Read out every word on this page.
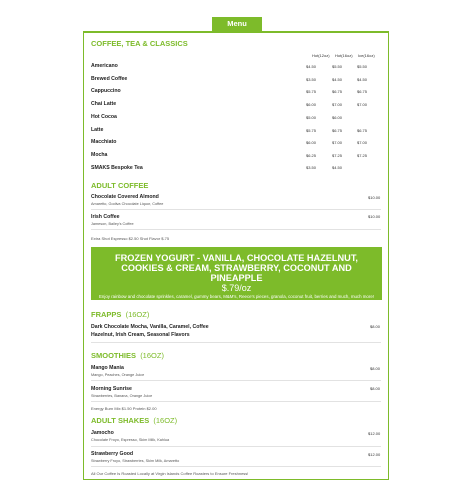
Menu
COFFEE, TEA & CLASSICS
Hot(12oz) Hot(16oz) Ice(16oz)
Americano	$4.50	$5.50	$5.50
Brewed Coffee	$3.50	$4.50	$4.50
Cappuccino	$5.75	$6.75	$6.75
Chai Latte	$6.00	$7.00	$7.00
Hot Cocoa	$5.00	$6.00
Latte	$5.75	$6.75	$6.75
Macchiato	$6.00	$7.00	$7.00
Mocha	$6.25	$7.25	$7.25
SMAKS Bespoke Tea	$3.50	$4.50
ADULT COFFEE
Chocolate Covered Almond
Amaretto, Godiva Chocolate Liquor, Coffee
$10.00
Irish Coffee
Jameson, Bailey's Coffee
$10.00
Extra Shot Espresso $2.50 Shot Flavor $.75
FROZEN YOGURT - VANILLA, CHOCOLATE HAZELNUT, COOKIES & CREAM, STRAWBERRY, COCONUT AND PINEAPPLE
$.79/oz
Enjoy rainbow and chocolate sprinkles, caramel, gummy bears, M&M's, Reece's pieces, granola, coconut fruit, berries and much, much more!
FRAPPS (16OZ)
Dark Chocolate Mocha, Vanilla, Caramel, Coffee
Hazelnut, Irish Cream, Seasonal Flavors
$8.00
SMOOTHIES (16OZ)
Mango Mania
Mango, Peaches, Orange Juice
$8.00
Morning Sunrise
Strawberries, Banana, Orange Juice
$8.00
Energy Burn Mix $1.50 Protein $2.00
ADULT SHAKES (16OZ)
Jamocho
Chocolate Froyo, Espresso, Skim Milk, Kahlua
$12.00
Strawberry Good
Strawberry Froyo, Strawberries, Skim Milk, Amaretto
$12.00
All Our Coffee Is Roasted Locally at Virgin Islands Coffee Roasters to Ensure Freshness!
